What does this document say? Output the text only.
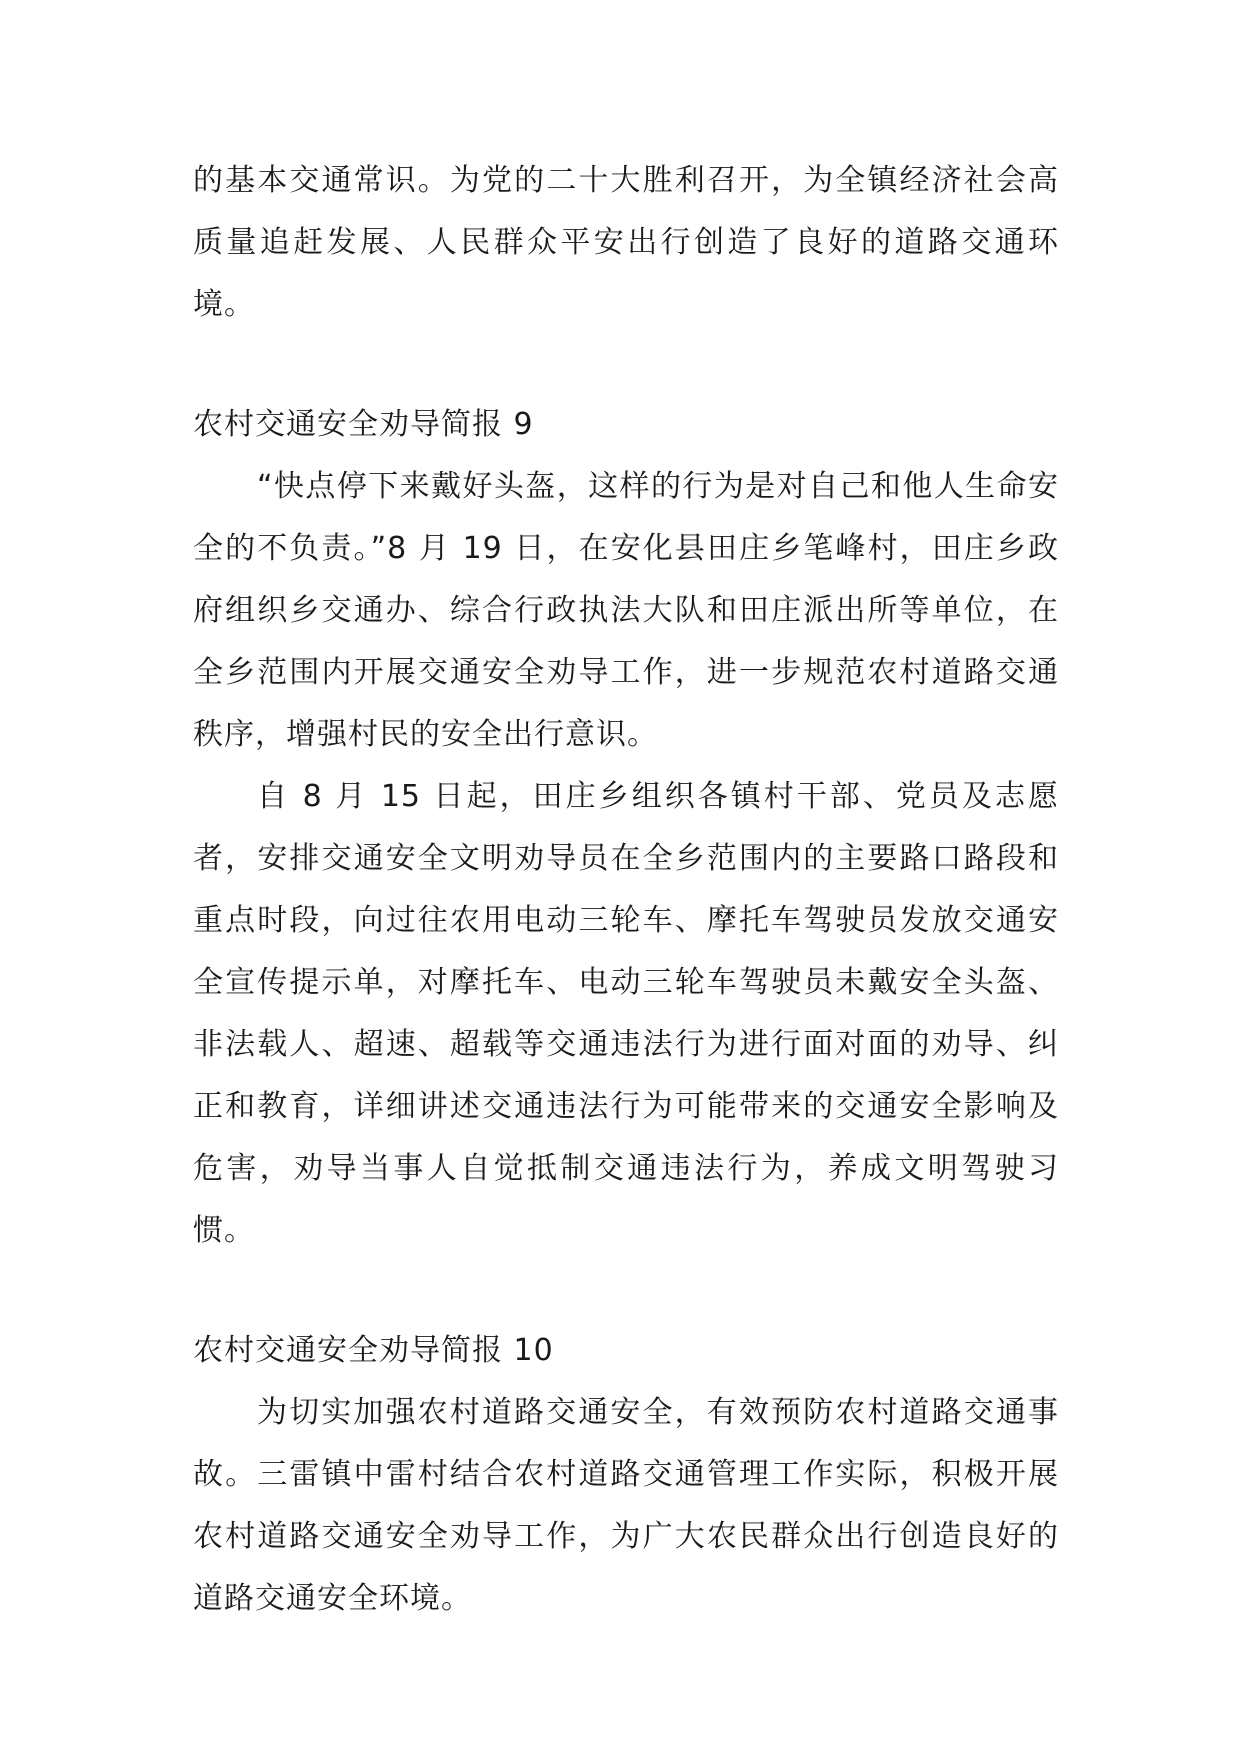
的基本交通常识。为党的二十大胜利召开，为全镇经济社会高质量追赶发展、人民群众平安出行创造了良好的道路交通环境。

农村交通安全劝导简报 9

“快点停下来戴好头盔，这样的行为是对自己和他人生命安全的不负责。”8 月 19 日，在安化县田庄乡笔峰村，田庄乡政府组织乡交通办、综合行政执法大队和田庄派出所等单位，在全乡范围内开展交通安全劝导工作，进一步规范农村道路交通秩序，增强村民的安全出行意识。

自 8 月 15 日起，田庄乡组织各镇村干部、党员及志愿者，安排交通安全文明劝导员在全乡范围内的主要路口路段和重点时段，向过往农用电动三轮车、摩托车驾驶员发放交通安全宣传提示单，对摩托车、电动三轮车驾驶员未戴安全头盔、非法载人、超速、超载等交通违法行为进行面对面的劝导、纠正和教育，详细讲述交通违法行为可能带来的交通安全影响及危害，劝导当事人自觉抵制交通违法行为，养成文明驾驶习惯。

农村交通安全劝导简报 10

为切实加强农村道路交通安全，有效预防农村道路交通事故。三雷镇中雷村结合农村道路交通管理工作实际，积极开展农村道路交通安全劝导工作，为广大农民群众出行创造良好的道路交通安全环境。
